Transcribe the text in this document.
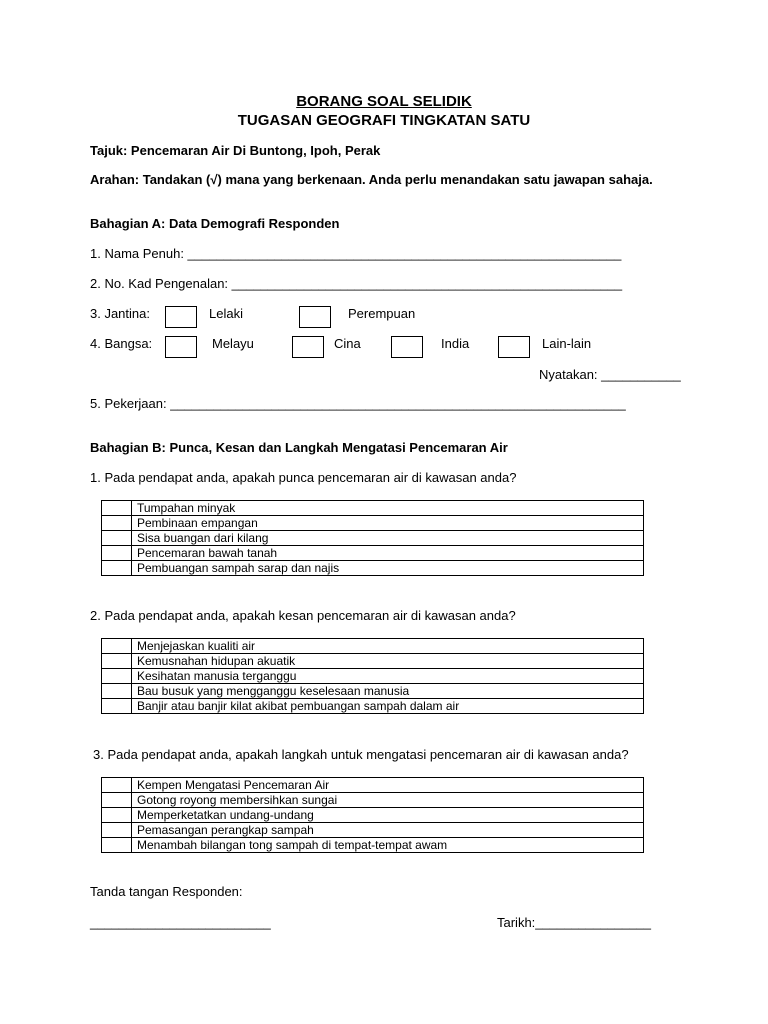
BORANG SOAL SELIDIK
TUGASAN GEOGRAFI TINGKATAN SATU
Tajuk: Pencemaran Air Di Buntong, Ipoh, Perak
Arahan: Tandakan (√) mana yang berkenaan. Anda perlu menandakan satu jawapan sahaja.
Bahagian A: Data Demografi Responden
1. Nama Penuh: ____________________________________________________________
2. No. Kad Pengenalan: ______________________________________________________
3. Jantina:	Lelaki	Perempuan
4. Bangsa:	Melayu	Cina	India	Lain-lain
Nyatakan: ___________
5. Pekerjaan: _______________________________________________________________
Bahagian B: Punca, Kesan dan Langkah Mengatasi Pencemaran Air
1. Pada pendapat anda, apakah punca pencemaran air di kawasan anda?
	Tumpahan minyak
	Pembinaan empangan
	Sisa buangan dari kilang
	Pencemaran bawah tanah
	Pembuangan sampah sarap dan najis
2. Pada pendapat anda, apakah kesan pencemaran air di kawasan anda?
	Menjejaskan kualiti air
	Kemusnahan hidupan akuatik
	Kesihatan manusia terganggu
	Bau busuk yang mengganggu keselesaan manusia
	Banjir atau banjir kilat akibat pembuangan sampah dalam air
3. Pada pendapat anda, apakah langkah untuk mengatasi pencemaran air di kawasan anda?
	Kempen Mengatasi Pencemaran Air
	Gotong royong membersihkan sungai
	Memperketatkan undang-undang
	Pemasangan perangkap sampah
	Menambah bilangan tong sampah di tempat-tempat awam
Tanda tangan Responden:
_________________________	Tarikh:________________
